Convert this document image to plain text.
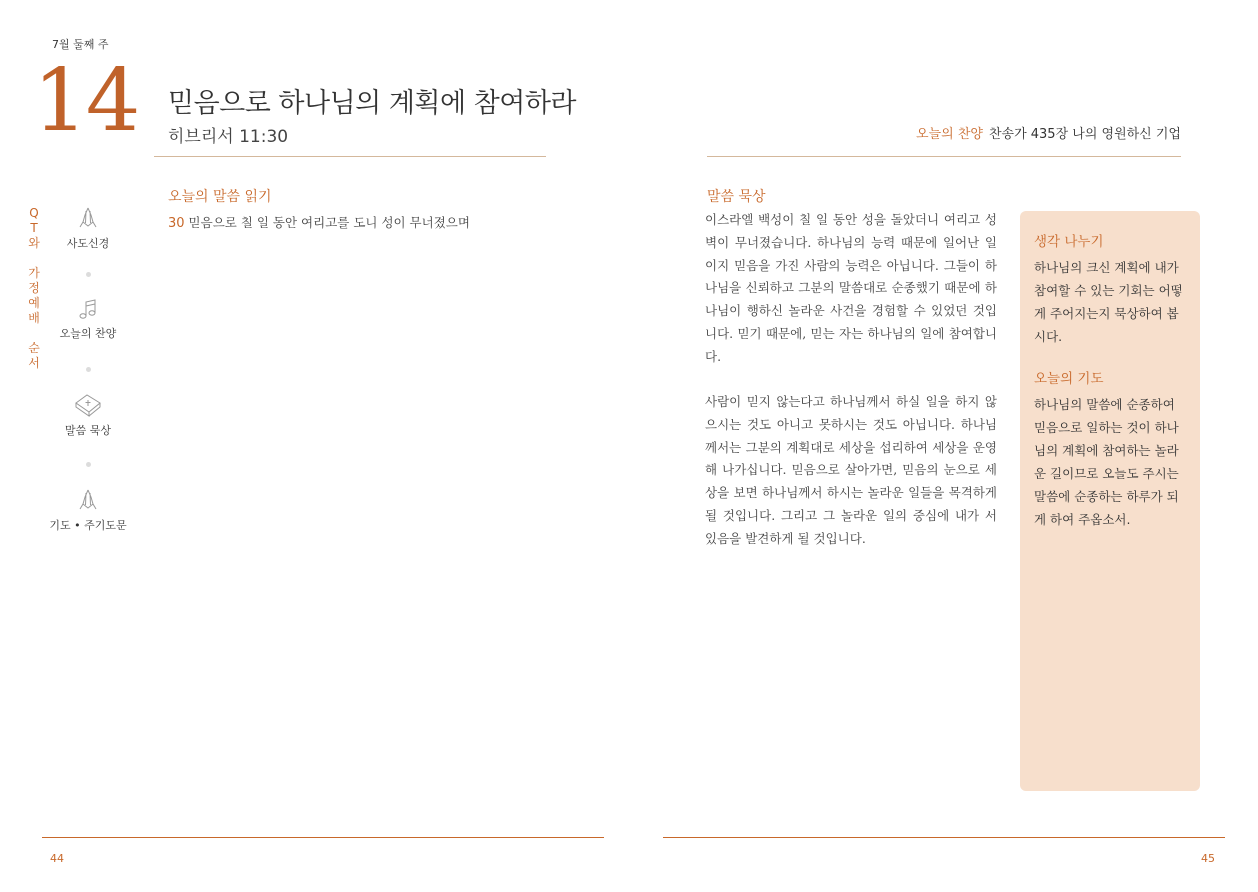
7월 둘째 주
14 믿음으로 하나님의 계획에 참여하라
히브리서 11:30	오늘의 찬양 찬송가 435장 나의 영원하신 기업
Q
T
와
가
정
예
배
순
서
사도신경
오늘의 찬양
말씀 묵상
기도 • 주기도문
오늘의 말씀 읽기
30 믿음으로 칠 일 동안 여리고를 도니 성이 무너졌으며
말씀 묵상

이스라엘 백성이 칠 일 동안 성을 돌았더니 여리고 성벽이 무너졌습니다. 하나님의 능력 때문에 일어난 일이지 믿음을 가진 사람의 능력은 아닙니다. 그들이 하나님을 신뢰하고 그분의 말씀대로 순종했기 때문에 하나님이 행하신 놀라운 사건을 경험할 수 있었던 것입니다. 믿기 때문에, 믿는 자는 하나님의 일에 참여합니다.

사람이 믿지 않는다고 하나님께서 하실 일을 하지 않으시는 것도 아니고 못하시는 것도 아닙니다. 하나님께서는 그분의 계획대로 세상을 섭리하여 세상을 운영해 나가십니다. 믿음으로 살아가면, 믿음의 눈으로 세상을 보면 하나님께서 하시는 놀라운 일들을 목격하게 될 것입니다. 그리고 그 놀라운 일의 중심에 내가 서 있음을 발견하게 될 것입니다.

생각 나누기

하나님의 크신 계획에 내가 참여할 수 있는 기회는 어떻게 주어지는지 묵상하여 봅시다.

오늘의 기도

하나님의 말씀에 순종하여 믿음으로 일하는 것이 하나님의 계획에 참여하는 놀라운 길이므로 오늘도 주시는 말씀에 순종하는 하루가 되게 하여 주옵소서.

44	45
